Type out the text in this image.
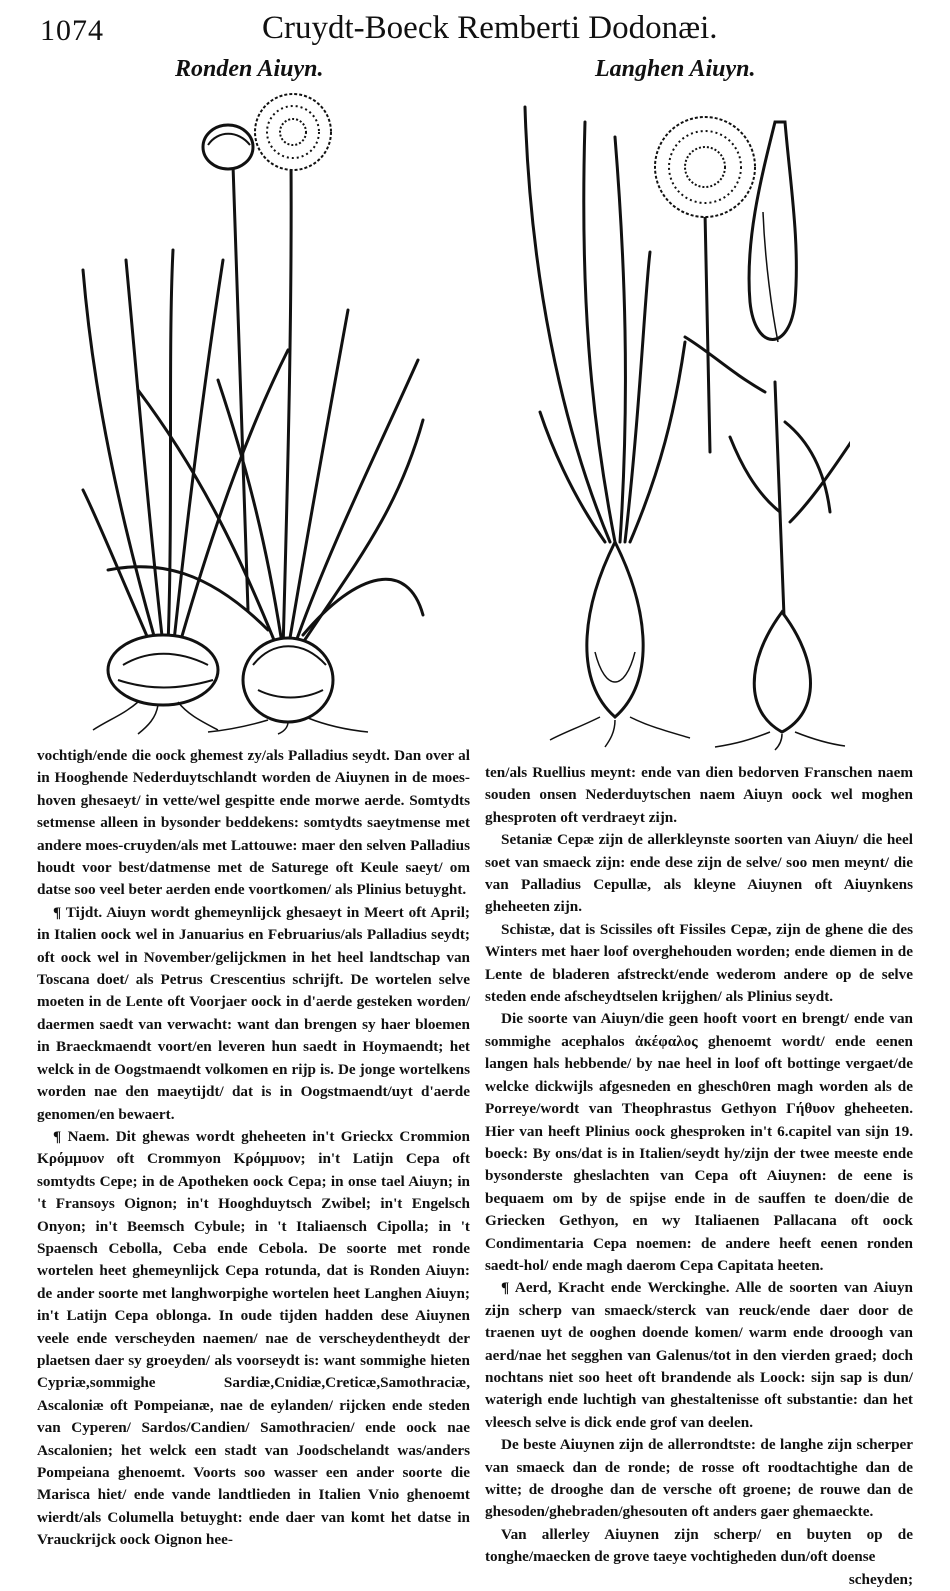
1074	Cruydt-Boeck Remberti Dodonæi.
Ronden Aiuyn.	Langhen Aiuyn.

vochtigh/ende die oock ghemest zy/als Palladius seydt. Dan over al in Hooghende Nederduytschlandt worden de Aiuynen in de moes-hoven ghesaeyt/ in vette/wel gespitte ende morwe aerde. Somtydts setmense alleen in bysonder beddekens: somtydts saeytmense met andere moes-cruyden/als met Lattouwe: maer den selven Palladius houdt voor best/datmense met de Saturege oft Keule saeyt/ om datse soo veel beter aerden ende voortkomen/ als Plinius betuyght.

¶ Tijdt. Aiuyn wordt ghemeynlijck ghesaeyt in Meert oft April; in Italien oock wel in Januarius en Februarius/als Palladius seydt; oft oock wel in November/gelijckmen in het heel landtschap van Toscana doet/ als Petrus Crescentius schrijft. De wortelen selve moeten in de Lente oft Voorjaer oock in d'aerde gesteken worden/ daermen saedt van verwacht: want dan brengen sy haer bloemen in Braeckmaendt voort/en leveren hun saedt in Hoymaendt; het welck in de Oogstmaendt volkomen en rijp is. De jonge wortelkens worden nae den maeytijdt/ dat is in Oogstmaendt/uyt d'aerde genomen/en bewaert.

¶ Naem. Dit ghewas wordt gheheeten in't Grieckx Crommion Κρόμμυον oft Crommyon Κρόμμυον; in't Latijn Cepa oft somtydts Cepe; in de Apotheken oock Cepa; in onse tael Aiuyn; in 't Fransoys Oignon; in't Hooghduytsch Zwibel; in't Engelsch Onyon; in't Beemsch Cybule; in 't Italiaensch Cipolla; in 't Spaensch Cebolla, Ceba ende Cebola. De soorte met ronde wortelen heet ghemeynlijck Cepa rotunda, dat is Ronden Aiuyn: de ander soorte met langhworpighe wortelen heet Langhen Aiuyn; in't Latijn Cepa oblonga. In oude tijden hadden dese Aiuynen veele ende verscheyden naemen/ nae de verscheydentheydt der plaetsen daer sy groeyden/ als voorseydt is: want sommighe hieten Cypriæ,sommighe Sardiæ,Cnidiæ,Creticæ,Samothraciæ, Ascaloniæ oft Pompeianæ, nae de eylanden/ rijcken ende steden van Cyperen/ Sardos/Candien/ Samothracien/ ende oock nae Ascalonien; het welck een stadt van Joodschelandt was/anders Pompeiana ghenoemt. Voorts soo wasser een ander soorte die Marisca hiet/ ende vande landtlieden in Italien Vnio ghenoemt wierdt/als Columella betuyght: ende daer van komt het datse in Vrauckrijck oock Oignon hee-

ten/als Ruellius meynt: ende van dien bedorven Franschen naem souden onsen Nederduytschen naem Aiuyn oock wel moghen ghesproten oft verdraeyt zijn.

Setaniæ Cepæ zijn de allerkleynste soorten van Aiuyn/ die heel soet van smaeck zijn: ende dese zijn de selve/ soo men meynt/ die van Palladius Cepullæ, als kleyne Aiuynen oft Aiuynkens gheheeten zijn.

Schistæ, dat is Scissiles oft Fissiles Cepæ, zijn de ghene die des Winters met haer loof overghehouden worden; ende diemen in de Lente de bladeren afstreckt/ende wederom andere op de selve steden ende afscheydtselen krijghen/ als Plinius seydt.

Die soorte van Aiuyn/die geen hooft voort en brengt/ ende van sommighe acephalos ἀκέφαλος ghenoemt wordt/ ende eenen langen hals hebbende/ by nae heel in loof oft bottinge vergaet/de welcke dickwijls afgesneden en ghesch0ren magh worden als de Porreye/wordt van Theophrastus Gethyon Γήθυον gheheeten. Hier van heeft Plinius oock ghesproken in't 6.capitel van sijn 19. boeck: By ons/dat is in Italien/seydt hy/zijn der twee meeste ende bysonderste gheslachten van Cepa oft Aiuynen: de eene is bequaem om by de spijse ende in de sauffen te doen/die de Griecken Gethyon, en wy Italiaenen Pallacana oft oock Condimentaria Cepa noemen: de andere heeft eenen ronden saedt-hol/ ende magh daerom Cepa Capitata heeten.

¶ Aerd, Kracht ende Werckinghe. Alle de soorten van Aiuyn zijn scherp van smaeck/sterck van reuck/ende daer door de traenen uyt de ooghen doende komen/ warm ende drooogh van aerd/nae het segghen van Galenus/tot in den vierden graed; doch nochtans niet soo heet oft brandende als Loock: sijn sap is dun/ waterigh ende luchtigh van ghestaltenisse oft substantie: dan het vleesch selve is dick ende grof van deelen.

De beste Aiuynen zijn de allerrondtste: de langhe zijn scherper van smaeck dan de ronde; de rosse oft roodtachtighe dan de witte; de drooghe dan de versche oft groene; de rouwe dan de ghesoden/ghebraden/ghesouten oft anders gaer ghemaeckte.

Van allerley Aiuynen zijn scherp/ en buyten op de tonghe/maecken de grove taeye vochtigheden dun/oft doense

scheyden;
